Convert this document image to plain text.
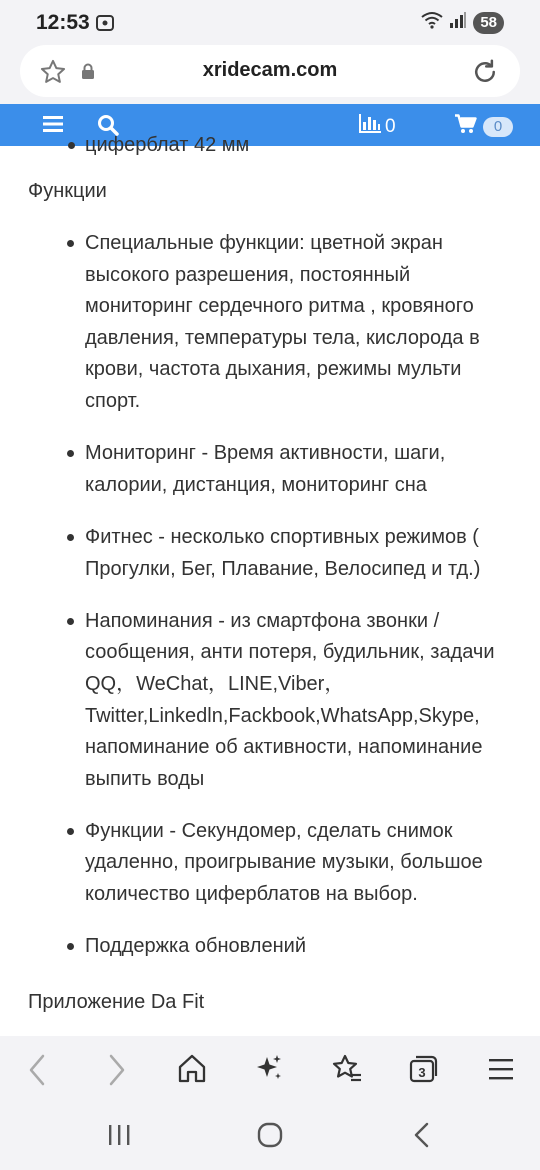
12:53	58
xridecam.com
0	0
циферблат 42 мм
Функции
Специальные функции: цветной экран высокого разрешения, постоянный мониторинг сердечного ритма , кровяного давления, температуры тела, кислорода в крови, частота дыхания, режимы мульти спорт.
Мониторинг - Время активности, шаги, калории, дистанция, мониторинг сна
Фитнес - несколько спортивных режимов ( Прогулки, Бег, Плавание, Велосипед и тд.)
Напоминания - из смартфона звонки / сообщения, анти потеря, будильник, задачи QQ，WeChat，LINE,Viber，Twitter,Linkedln,Fackbook,WhatsApp,Skype, напоминание об активности, напоминание выпить воды
Функции - Секундомер, сделать снимок удаленно, проигрывание музыки, большое количество циферблатов на выбор.
Поддержка обновлений
Приложение Da Fit
3
